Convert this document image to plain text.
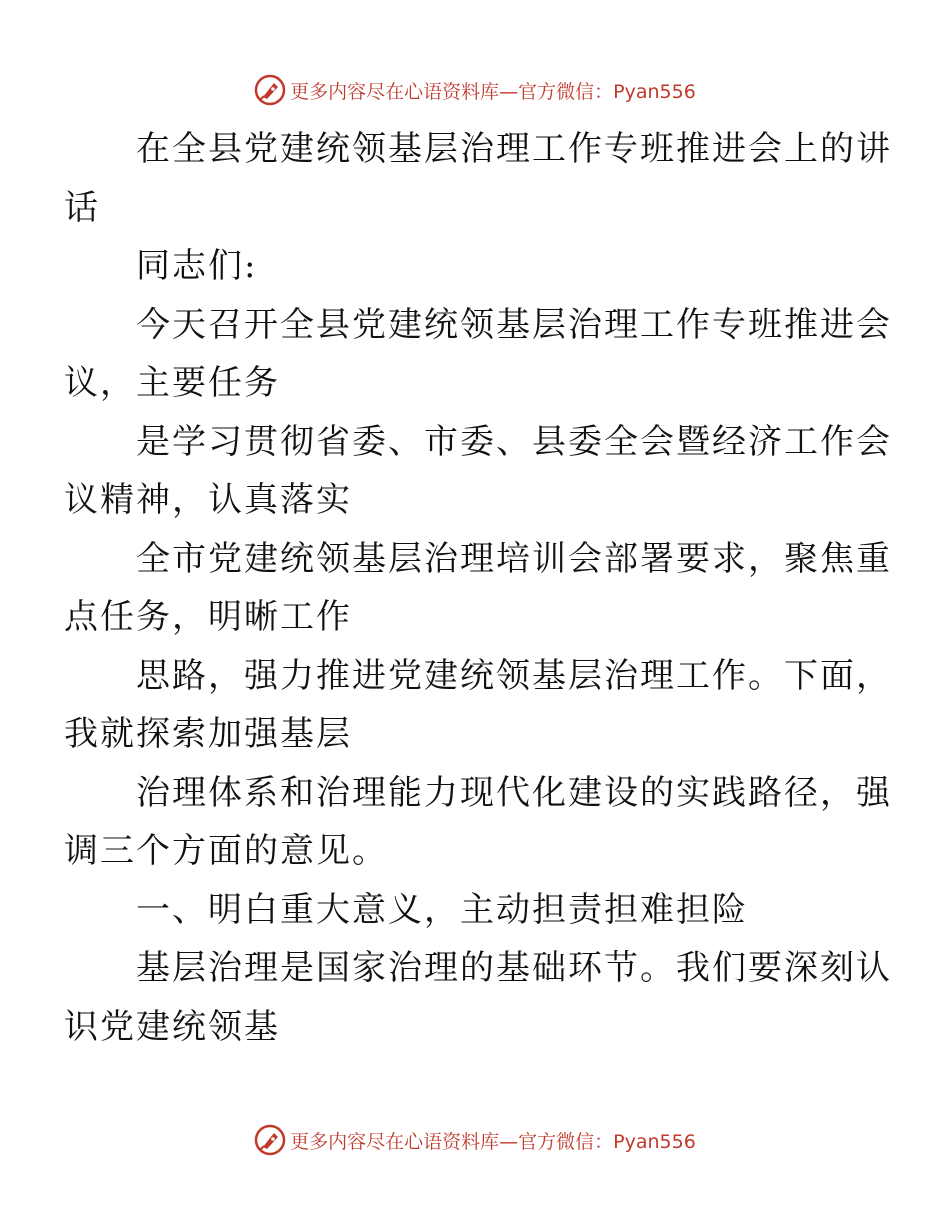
更多内容尽在心语资料库—官方微信：Pyan556

在全县党建统领基层治理工作专班推进会上的讲
话

同志们:

今天召开全县党建统领基层治理工作专班推进会
议，主要任务

是学习贯彻省委、市委、县委全会暨经济工作会
议精神，认真落实

全市党建统领基层治理培训会部署要求，聚焦重
点任务，明晰工作

思路，强力推进党建统领基层治理工作。下面，
我就探索加强基层

治理体系和治理能力现代化建设的实践路径，强
调三个方面的意见。

一、明白重大意义，主动担责担难担险

基层治理是国家治理的基础环节。我们要深刻认
识党建统领基

更多内容尽在心语资料库—官方微信：Pyan556
